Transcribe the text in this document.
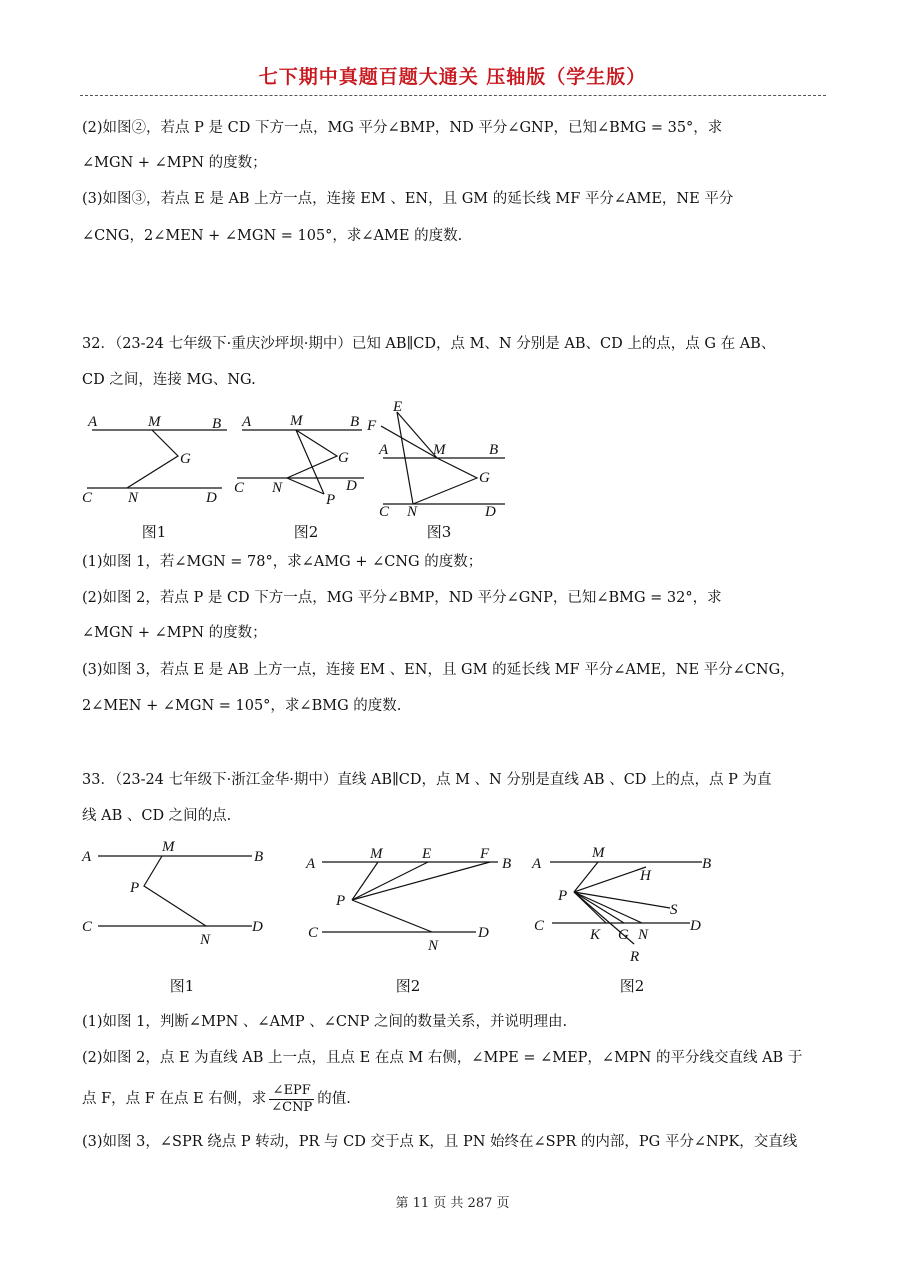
七下期中真题百题大通关 压轴版（学生版）
(2)如图②，若点 P 是 CD 下方一点，MG 平分∠BMP，ND 平分∠GNP，已知∠BMG = 35°，求
∠MGN + ∠MPN 的度数；
(3)如图③，若点 E 是 AB 上方一点，连接 EM 、EN，且 GM 的延长线 MF 平分∠AME，NE 平分
∠CNG，2∠MEN + ∠MGN = 105°，求∠AME 的度数.
32．（23-24 七年级下·重庆沙坪坝·期中）已知 AB∥CD，点 M、N 分别是 AB、CD 上的点，点 G 在 AB、
CD 之间，连接 MG、NG.
A	M	B
G
C N	D
图1
A	M	B
G
C N	D
P
图2
E
F
A	M	B
G
C N	D
图3
(1)如图 1，若∠MGN = 78°，求∠AMG + ∠CNG 的度数；
(2)如图 2，若点 P 是 CD 下方一点，MG 平分∠BMP，ND 平分∠GNP，已知∠BMG = 32°，求
∠MGN + ∠MPN 的度数；
(3)如图 3，若点 E 是 AB 上方一点，连接 EM 、EN，且 GM 的延长线 MF 平分∠AME，NE 平分∠CNG，
2∠MEN + ∠MGN = 105°，求∠BMG 的度数.
33．（23-24 七年级下·浙江金华·期中）直线 AB∥CD，点 M 、N 分别是直线 AB 、CD 上的点，点 P 为直
线 AB 、CD 之间的点.
A
M
B
P
C
N
D
图1
A
M	E	F
B
P
C
N
D
图2
A
M
B
H
P
S
C	D
K G N
R
图2
(1)如图 1，判断∠MPN 、∠AMP 、∠CNP 之间的数量关系，并说明理由.
(2)如图 2，点 E 为直线 AB 上一点，且点 E 在点 M 右侧，∠MPE = ∠MEP，∠MPN 的平分线交直线 AB 于
点 F，点 F 在点 E 右侧，求 $\frac{\text{∠EPF}}{\text{∠CNP}}$ 的值.
(3)如图 3，∠SPR 绕点 P 转动，PR 与 CD 交于点 K，且 PN 始终在∠SPR 的内部，PG 平分∠NPK，交直线
第 11 页 共 287 页
